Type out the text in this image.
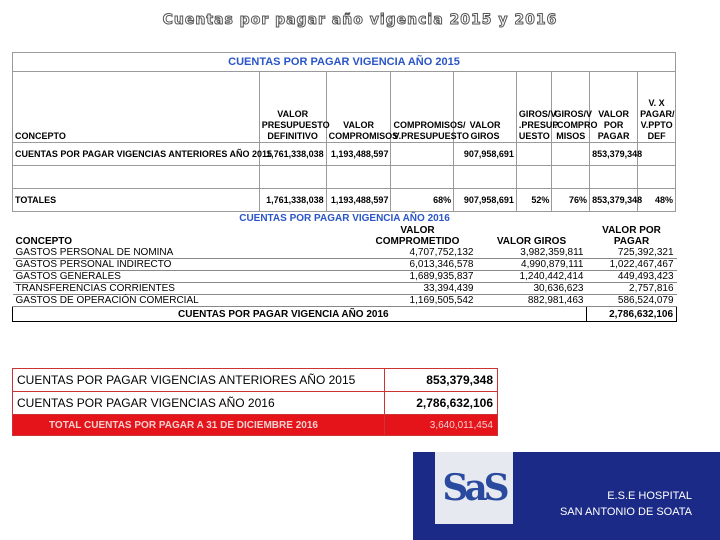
Cuentas por pagar año vigencia 2015 y 2016
CUENTAS POR PAGAR VIGENCIA AÑO 2015								
CONCEPTO	VALOR PRESUPUESTO DEFINITIVO	VALOR COMPROMISOS	COMPROMISOS/ V.PRESUPUESTO	VALOR GIROS	GIROS/V .PRESUP UESTO	GIROS/V .COMPRO MISOS	VALOR POR PAGAR	V. X PAGAR/ V.PPTO DEF
CUENTAS POR PAGAR VIGENCIAS ANTERIORES AÑO 2015	1,761,338,038	1,193,488,597		907,958,691			853,379,348	

TOTALES	1,761,338,038	1,193,488,597	68%	907,958,691	52%	76%	853,379,348	48%
CUENTAS POR PAGAR VIGENCIA AÑO 2016			
CONCEPTO	VALOR COMPROMETIDO	VALOR GIROS	VALOR POR PAGAR
GASTOS PERSONAL DE NOMINA	4,707,752,132	3,982,359,811	725,392,321
GASTOS PERSONAL INDIRECTO	6,013,346,578	4,990,879,111	1,022,467,467
GASTOS GENERALES	1,689,935,837	1,240,442,414	449,493,423
TRANSFERENCIAS CORRIENTES	33,394,439	30,636,623	2,757,816
GASTOS DE OPERACIÓN COMERCIAL	1,169,505,542	882,981,463	586,524,079
CUENTAS POR PAGAR VIGENCIA AÑO 2016			2,786,632,106
CUENTAS POR PAGAR VIGENCIAS ANTERIORES AÑO 2015	853,379,348
CUENTAS POR PAGAR VIGENCIAS AÑO 2016	2,786,632,106
TOTAL CUENTAS POR PAGAR A 31 DE DICIEMBRE 2016	3,640,011,454
SaS	E.S.E HOSPITAL
SAN ANTONIO DE SOATA
